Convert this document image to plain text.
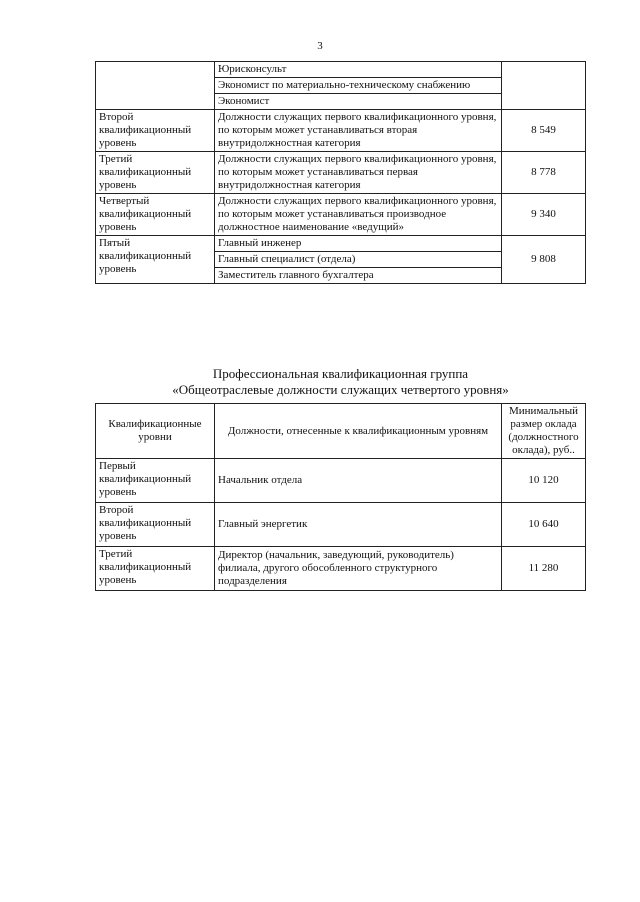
3
	Юрисконсульт	
	Экономист по материально-техническому снабжению	
	Экономист	
Второй квалификационный уровень	Должности служащих первого квалификационного уровня, по которым может устанавливаться вторая внутридолжностная категория	8 549
Третий квалификационный уровень	Должности служащих первого квалификационного уровня, по которым может устанавливаться первая внутридолжностная категория	8 778
Четвертый квалификационный уровень	Должности служащих первого квалификационного уровня, по которым может устанавливаться производное должностное наименование «ведущий»	9 340
Пятый квалификационный уровень	Главный инженер	9 808
	Главный специалист (отдела)	
	Заместитель главного бухгалтера	
Профессиональная квалификационная группа
«Общеотраслевые должности служащих четвертого уровня»
Квалификационные уровни	Должности, отнесенные к квалификационным уровням	Минимальный размер оклада (должностного оклада), руб..
Первый квалификационный уровень	Начальник отдела	10 120
Второй квалификационный уровень	Главный энергетик	10 640
Третий квалификационный уровень	Директор (начальник, заведующий, руководитель) филиала, другого обособленного структурного подразделения	11 280
